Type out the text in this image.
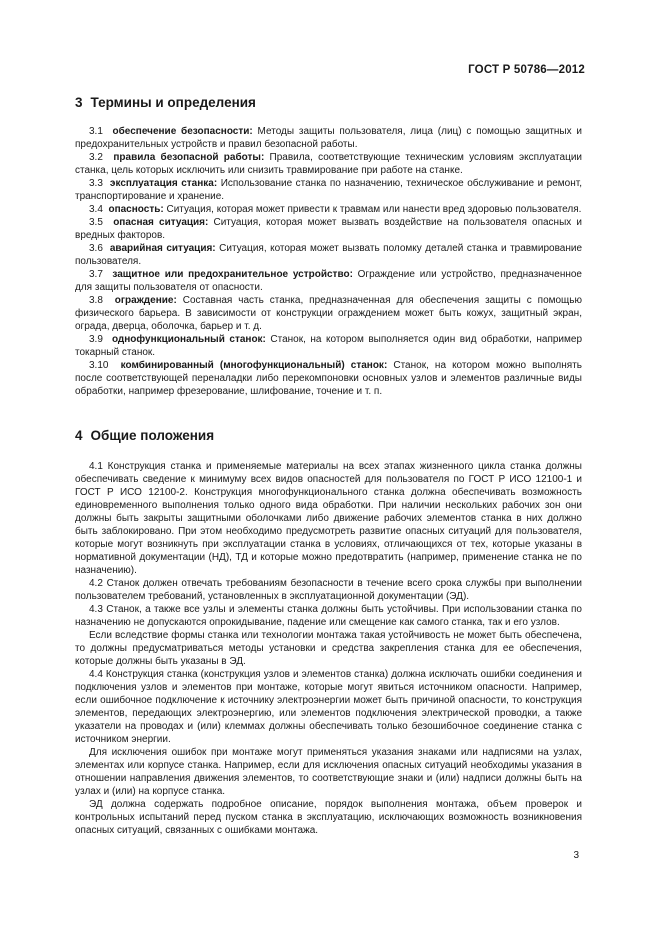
ГОСТ Р 50786—2012
3 Термины и определения

3.1 обеспечение безопасности: Методы защиты пользователя, лица (лиц) с помощью защитных и предохранительных устройств и правил безопасной работы.

3.2 правила безопасной работы: Правила, соответствующие техническим условиям эксплуатации станка, цель которых исключить или снизить травмирование при работе на станке.

3.3 эксплуатация станка: Использование станка по назначению, техническое обслуживание и ремонт, транспортирование и хранение.

3.4 опасность: Ситуация, которая может привести к травмам или нанести вред здоровью пользователя.

3.5 опасная ситуация: Ситуация, которая может вызвать воздействие на пользователя опасных и вредных факторов.

3.6 аварийная ситуация: Ситуация, которая может вызвать поломку деталей станка и травмирование пользователя.

3.7 защитное или предохранительное устройство: Ограждение или устройство, предназначенное для защиты пользователя от опасности.

3.8 ограждение: Составная часть станка, предназначенная для обеспечения защиты с помощью физического барьера. В зависимости от конструкции ограждением может быть кожух, защитный экран, ограда, дверца, оболочка, барьер и т. д.

3.9 однофункциональный станок: Станок, на котором выполняется один вид обработки, например токарный станок.

3.10 комбинированный (многофункциональный) станок: Станок, на котором можно выполнять после соответствующей переналадки либо перекомпоновки основных узлов и элементов различные виды обработки, например фрезерование, шлифование, точение и т. п.

4 Общие положения

4.1 Конструкция станка и применяемые материалы на всех этапах жизненного цикла станка должны обеспечивать сведение к минимуму всех видов опасностей для пользователя по ГОСТ Р ИСО 12100-1 и ГОСТ Р ИСО 12100-2. Конструкция многофункционального станка должна обеспечивать возможность единовременного выполнения только одного вида обработки. При наличии нескольких рабочих зон они должны быть закрыты защитными оболочками либо движение рабочих элементов станка в них должно быть заблокировано. При этом необходимо предусмотреть развитие опасных ситуаций для пользователя, которые могут возникнуть при эксплуатации станка в условиях, отличающихся от тех, которые указаны в нормативной документации (НД), ТД и которые можно предотвратить (например, применение станка не по назначению).

4.2 Станок должен отвечать требованиям безопасности в течение всего срока службы при выполнении пользователем требований, установленных в эксплуатационной документации (ЭД).

4.3 Станок, а также все узлы и элементы станка должны быть устойчивы. При использовании станка по назначению не допускаются опрокидывание, падение или смещение как самого станка, так и его узлов.

Если вследствие формы станка или технологии монтажа такая устойчивость не может быть обеспечена, то должны предусматриваться методы установки и средства закрепления станка для ее обеспечения, которые должны быть указаны в ЭД.

4.4 Конструкция станка (конструкция узлов и элементов станка) должна исключать ошибки соединения и подключения узлов и элементов при монтаже, которые могут явиться источником опасности. Например, если ошибочное подключение к источнику электроэнергии может быть причиной опасности, то конструкция элементов, передающих электроэнергию, или элементов подключения электрической проводки, а также указатели на проводах и (или) клеммах должны обеспечивать только безошибочное соединение станка с источником энергии.

Для исключения ошибок при монтаже могут применяться указания знаками или надписями на узлах, элементах или корпусе станка. Например, если для исключения опасных ситуаций необходимы указания в отношении направления движения элементов, то соответствующие знаки и (или) надписи должны быть на узлах и (или) на корпусе станка.

ЭД должна содержать подробное описание, порядок выполнения монтажа, объем проверок и контрольных испытаний перед пуском станка в эксплуатацию, исключающих возможность возникновения опасных ситуаций, связанных с ошибками монтажа.

3
